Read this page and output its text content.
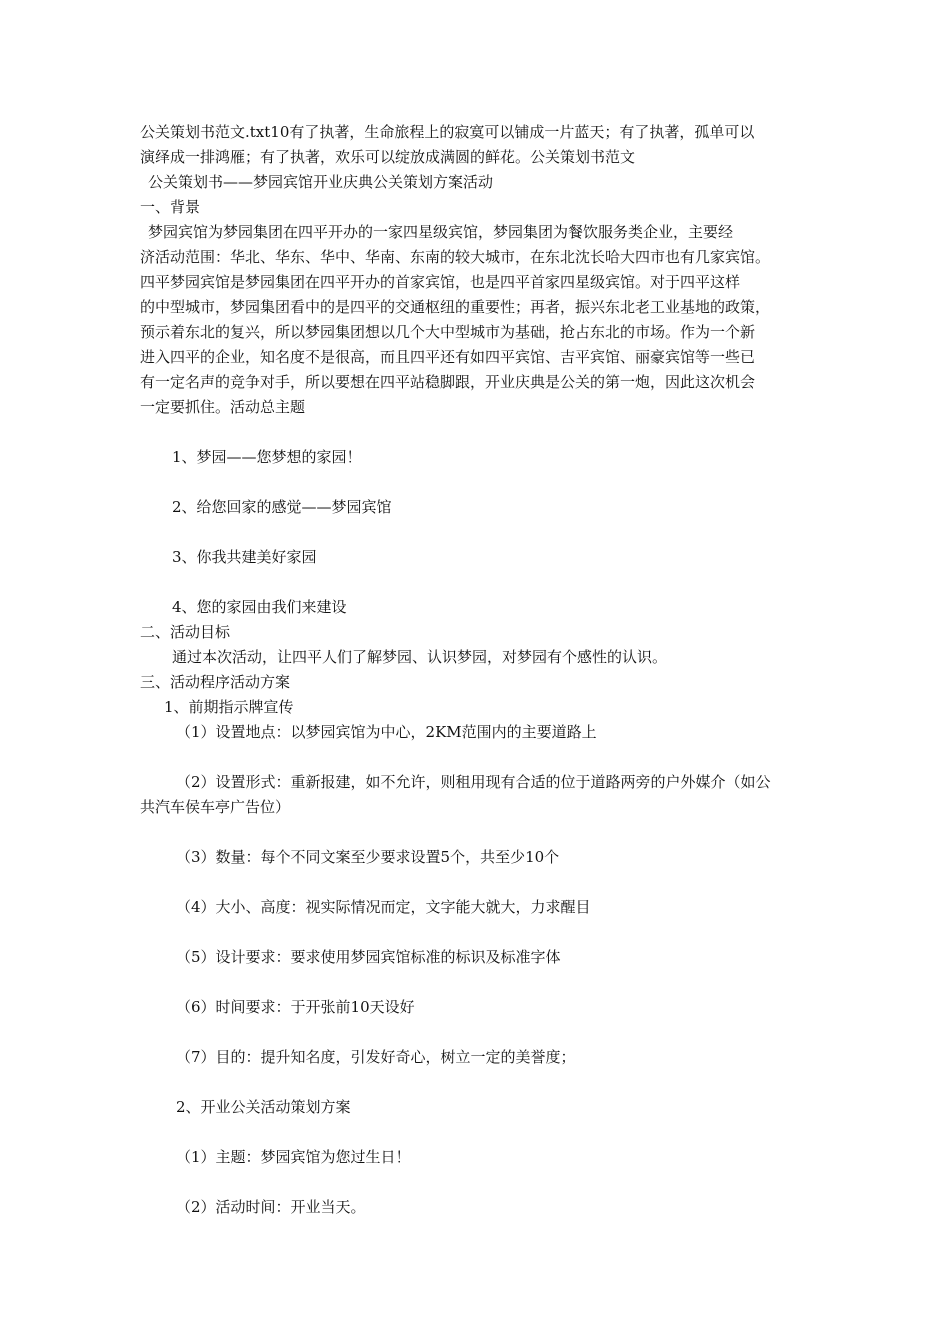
公关策划书范文.txt10有了执著，生命旅程上的寂寞可以铺成一片蓝天；有了执著，孤单可以
演绎成一排鸿雁；有了执著，欢乐可以绽放成满圆的鲜花。公关策划书范文
公关策划书——梦园宾馆开业庆典公关策划方案活动
一、背景
梦园宾馆为梦园集团在四平开办的一家四星级宾馆，梦园集团为餐饮服务类企业，主要经
济活动范围：华北、华东、华中、华南、东南的较大城市，在东北沈长哈大四市也有几家宾馆。
四平梦园宾馆是梦园集团在四平开办的首家宾馆，也是四平首家四星级宾馆。对于四平这样
的中型城市，梦园集团看中的是四平的交通枢纽的重要性；再者，振兴东北老工业基地的政策，
预示着东北的复兴，所以梦园集团想以几个大中型城市为基础，抢占东北的市场。作为一个新
进入四平的企业，知名度不是很高，而且四平还有如四平宾馆、吉平宾馆、丽豪宾馆等一些已
有一定名声的竞争对手，所以要想在四平站稳脚跟，开业庆典是公关的第一炮，因此这次机会
一定要抓住。活动总主题
1、梦园——您梦想的家园！
2、给您回家的感觉——梦园宾馆
3、你我共建美好家园
4、您的家园由我们来建设
二、活动目标
通过本次活动，让四平人们了解梦园、认识梦园，对梦园有个感性的认识。
三、活动程序活动方案
1、前期指示牌宣传
（1）设置地点：以梦园宾馆为中心，2KM范围内的主要道路上
（2）设置形式：重新报建，如不允许，则租用现有合适的位于道路两旁的户外媒介（如公
共汽车侯车亭广告位）
（3）数量：每个不同文案至少要求设置5个，共至少10个
（4）大小、高度：视实际情况而定，文字能大就大，力求醒目
（5）设计要求：要求使用梦园宾馆标准的标识及标准字体
（6）时间要求：于开张前10天设好
（7）目的：提升知名度，引发好奇心，树立一定的美誉度；
2、开业公关活动策划方案
（1）主题：梦园宾馆为您过生日！
（2）活动时间：开业当天。
